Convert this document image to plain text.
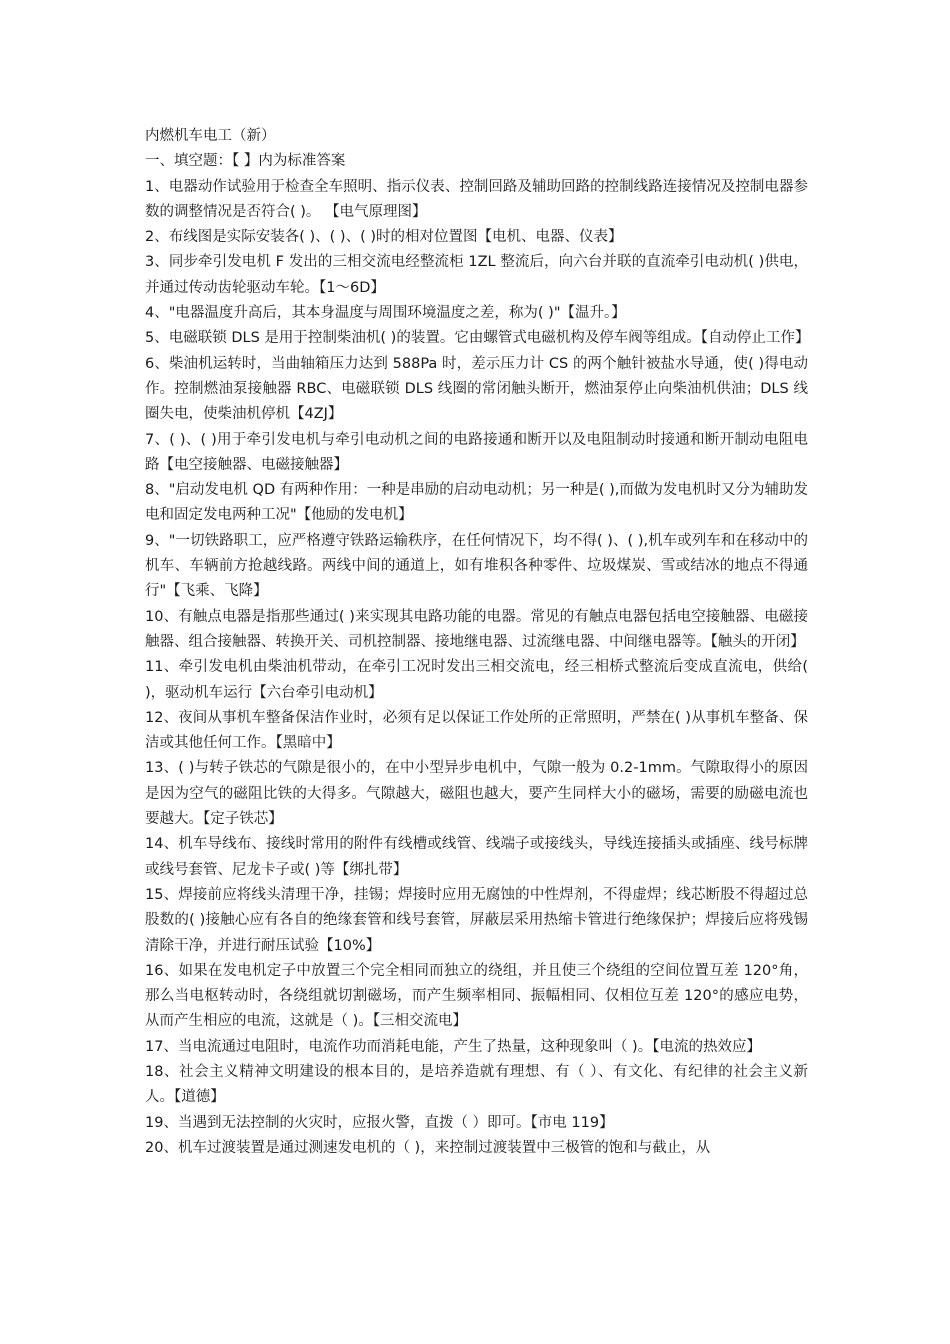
内燃机车电工（新）

一、填空题：【 】内为标准答案

1、电器动作试验用于检查全车照明、指示仪表、控制回路及辅助回路的控制线路连接情况及控制电器参数的调整情况是否符合( )。 【电气原理图】

2、布线图是实际安装各( )、( )、( )时的相对位置图【电机、电器、仪表】

3、同步牵引发电机 F 发出的三相交流电经整流柜 1ZL 整流后，向六台并联的直流牵引电动机( )供电，并通过传动齿轮驱动车轮。【1～6D】

4、"电器温度升高后，其本身温度与周围环境温度之差，称为( )"【温升。】

5、电磁联锁 DLS 是用于控制柴油机( )的装置。它由螺管式电磁机构及停车阀等组成。【自动停止工作】

6、柴油机运转时，当曲轴箱压力达到 588Pa 时，差示压力计 CS 的两个触针被盐水导通，使( )得电动作。控制燃油泵接触器 RBC、电磁联锁 DLS 线圈的常闭触头断开，燃油泵停止向柴油机供油；DLS 线圈失电，使柴油机停机【4ZJ】

7、( )、( )用于牵引发电机与牵引电动机之间的电路接通和断开以及电阻制动时接通和断开制动电阻电路【电空接触器、电磁接触器】

8、"启动发电机 QD 有两种作用：一种是串励的启动电动机；另一种是( ),而做为发电机时又分为辅助发电和固定发电两种工况"【他励的发电机】

9、"一切铁路职工，应严格遵守铁路运输秩序，在任何情况下，均不得( )、( ),机车或列车和在移动中的机车、车辆前方抢越线路。两线中间的通道上，如有堆积各种零件、垃圾煤炭、雪或结冰的地点不得通行"【飞乘、飞降】

10、有触点电器是指那些通过( )来实现其电路功能的电器。常见的有触点电器包括电空接触器、电磁接触器、组合接触器、转换开关、司机控制器、接地继电器、过流继电器、中间继电器等。【触头的开闭】

11、牵引发电机由柴油机带动，在牵引工况时发出三相交流电，经三相桥式整流后变成直流电，供给( )，驱动机车运行【六台牵引电动机】

12、夜间从事机车整备保洁作业时，必须有足以保证工作处所的正常照明，严禁在( )从事机车整备、保洁或其他任何工作。【黑暗中】

13、( )与转子铁芯的气隙是很小的，在中小型异步电机中，气隙一般为 0.2-1mm。气隙取得小的原因是因为空气的磁阻比铁的大得多。气隙越大，磁阻也越大，要产生同样大小的磁场，需要的励磁电流也要越大。【定子铁芯】

14、机车导线布、接线时常用的附件有线槽或线管、线端子或接线头，导线连接插头或插座、线号标牌或线号套管、尼龙卡子或( )等【绑扎带】

15、焊接前应将线头清理干净，挂锡；焊接时应用无腐蚀的中性焊剂，不得虚焊；线芯断股不得超过总股数的( )接触心应有各自的绝缘套管和线号套管，屏蔽层采用热缩卡管进行绝缘保护；焊接后应将残锡清除干净，并进行耐压试验【10%】

16、如果在发电机定子中放置三个完全相同而独立的绕组，并且使三个绕组的空间位置互差 120°角，那么当电枢转动时，各绕组就切割磁场，而产生频率相同、振幅相同、仅相位互差 120°的感应电势，从而产生相应的电流，这就是（ )。【三相交流电】

17、当电流通过电阻时，电流作功而消耗电能，产生了热量，这种现象叫（ )。【电流的热效应】

18、社会主义精神文明建设的根本目的，是培养造就有理想、有（ ）、有文化、有纪律的社会主义新人。【道德】

19、当遇到无法控制的火灾时，应报火警，直拨（ ）即可。【市电 119】

20、机车过渡装置是通过测速发电机的（ )，来控制过渡装置中三极管的饱和与截止，从
